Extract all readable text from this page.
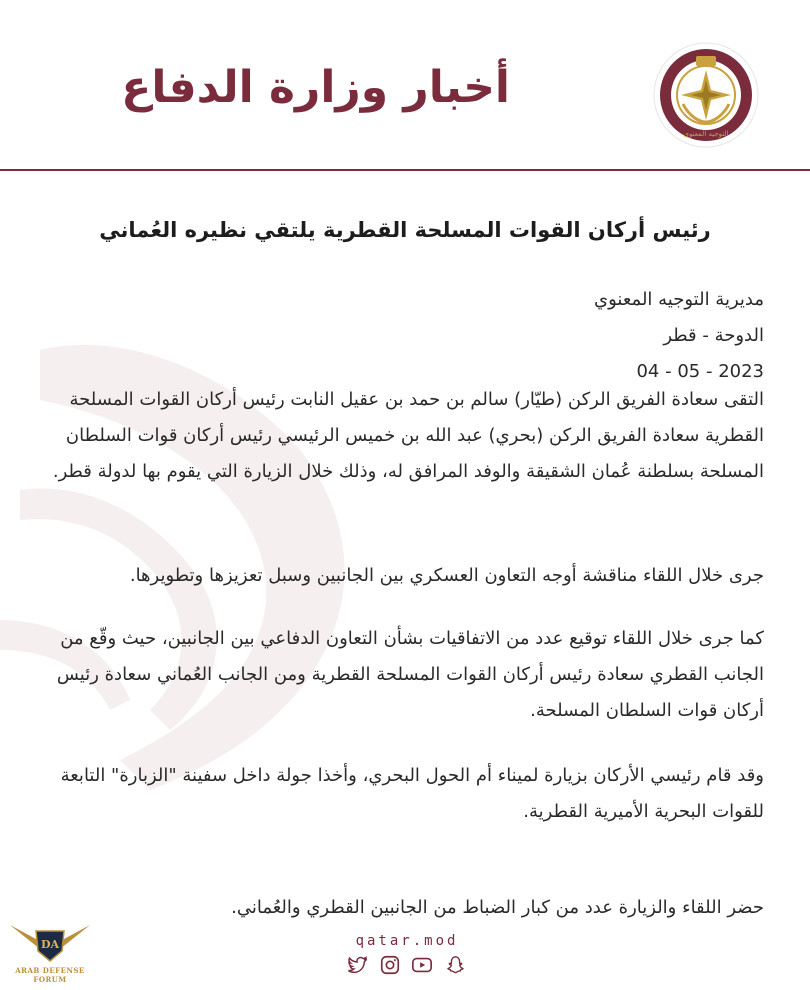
أخبار وزارة الدفاع
التوجيه المعنوي
رئيس أركان القوات المسلحة القطرية يلتقي نظيره العُماني
مديرية التوجيه المعنوي
الدوحة - قطر
2023 - 05 - 04
التقى سعادة الفريق الركن (طيّار) سالم بن حمد بن عقيل النابت رئيس أركان القوات المسلحة القطرية سعادة الفريق الركن (بحري) عبد الله بن خميس الرئيسي رئيس أركان قوات السلطان المسلحة بسلطنة عُمان الشقيقة والوفد المرافق له، وذلك خلال الزيارة التي يقوم بها لدولة قطر.
جرى خلال اللقاء مناقشة أوجه التعاون العسكري بين الجانبين وسبل تعزيزها وتطويرها.
كما جرى خلال اللقاء توقيع عدد من الاتفاقيات بشأن التعاون الدفاعي بين الجانبين، حيث وقّع من الجانب القطري سعادة رئيس أركان القوات المسلحة القطرية ومن الجانب العُماني سعادة رئيس أركان قوات السلطان المسلحة.
وقد قام رئيسي الأركان بزيارة لميناء أم الحول البحري، وأخذا جولة داخل سفينة "الزبارة" التابعة للقوات البحرية الأميرية القطرية.
حضر اللقاء والزيارة عدد من كبار الضباط من الجانبين القطري والعُماني.
qatar.mod
DA
ARAB DEFENSE FORUM
